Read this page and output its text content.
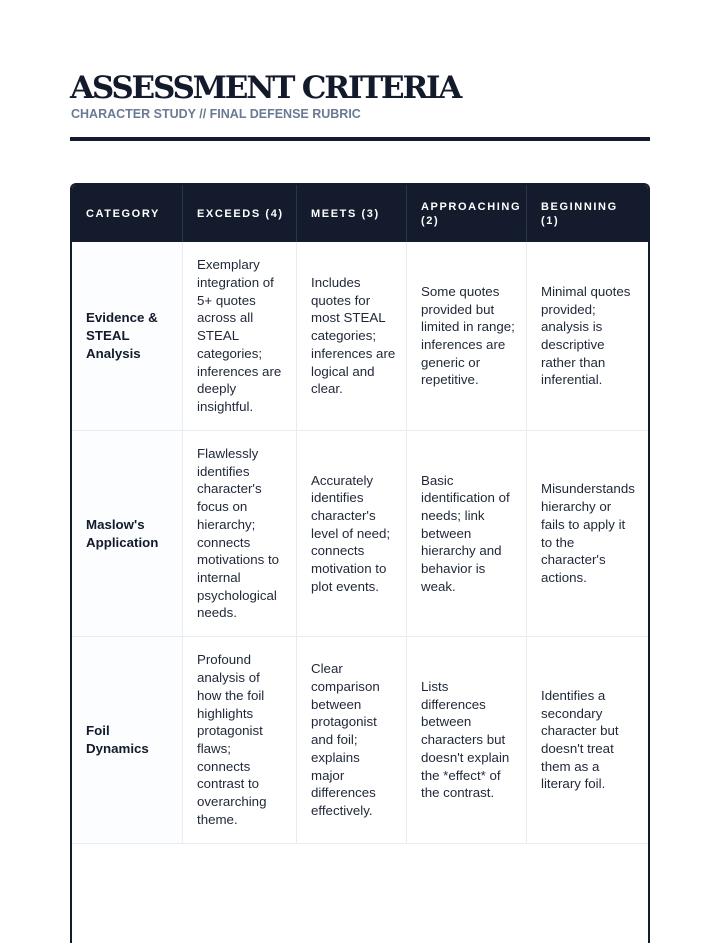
ASSESSMENT CRITERIA
CHARACTER STUDY // FINAL DEFENSE RUBRIC
CATEGORY	EXCEEDS (4)	MEETS (3)
APPROACHING (2)
BEGINNING (1)
Evidence & STEAL Analysis
Exemplary integration of 5+ quotes across all STEAL categories; inferences are deeply insightful.
Includes quotes for most STEAL categories; inferences are logical and clear.
Some quotes provided but limited in range; inferences are generic or repetitive.
Minimal quotes provided; analysis is descriptive rather than inferential.
Maslow's Application
Flawlessly identifies character's focus on hierarchy; connects motivations to internal psychological needs.
Accurately identifies character's level of need; connects motivation to plot events.
Basic identification of needs; link between hierarchy and behavior is weak.
Misunderstands hierarchy or fails to apply it to the character's actions.
Foil Dynamics
Profound analysis of how the foil highlights protagonist flaws; connects contrast to overarching theme.
Clear comparison between protagonist and foil; explains major differences effectively.
Lists differences between characters but doesn't explain the *effect* of the contrast.
Identifies a secondary character but doesn't treat them as a literary foil.
